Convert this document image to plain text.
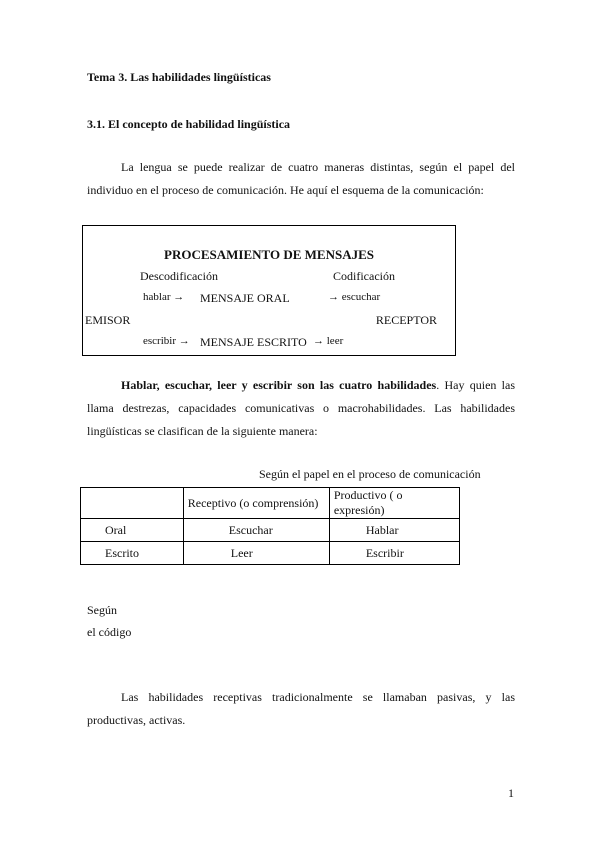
Tema 3. Las habilidades lingüísticas
3.1. El concepto de habilidad lingüística
La lengua se puede realizar de cuatro maneras distintas, según el papel del
individuo en el proceso de comunicación. He aquí el esquema de la comunicación:
PROCESAMIENTO DE MENSAJES
Descodificación	Codificación
hablar → MENSAJE ORAL	→ escuchar
EMISOR	RECEPTOR
escribir → MENSAJE ESCRITO → leer
Hablar, escuchar, leer y escribir son las cuatro habilidades. Hay quien las
llama destrezas, capacidades comunicativas o macrohabilidades. Las habilidades
lingüísticas se clasifican de la siguiente manera:
Según el papel en el proceso de comunicación
	Receptivo (o comprensión)	Productivo ( o expresión)
Oral	Escuchar	Hablar
Escrito	Leer	Escribir
Según
el código
Las habilidades receptivas tradicionalmente se llamaban pasivas, y las
productivas, activas.
1
